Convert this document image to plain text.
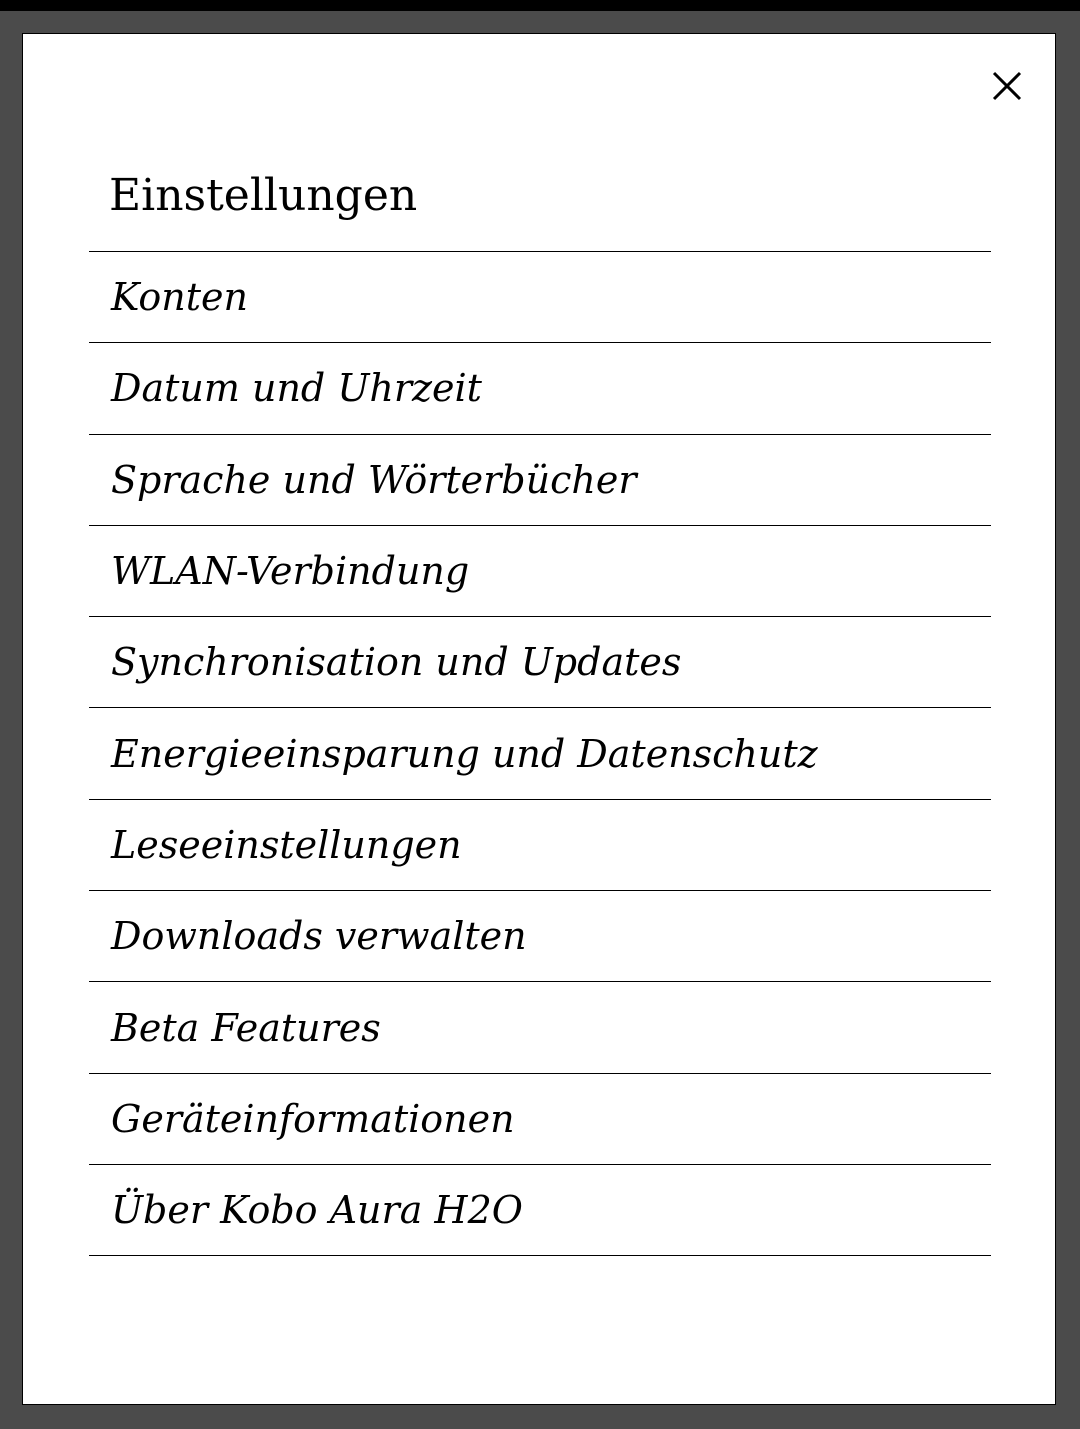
Einstellungen
Konten
Datum und Uhrzeit
Sprache und Wörterbücher
WLAN-Verbindung
Synchronisation und Updates
Energieeinsparung und Datenschutz
Leseeinstellungen
Downloads verwalten
Beta Features
Geräteinformationen
Über Kobo Aura H2O
